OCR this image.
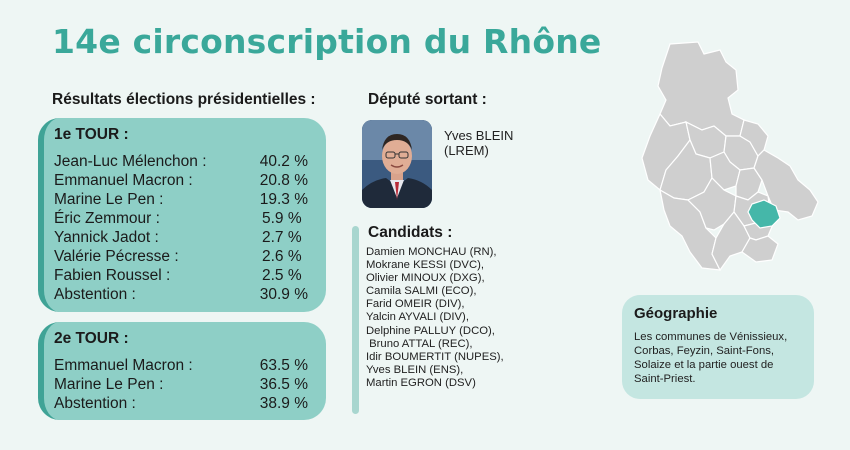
14e circonscription du Rhône
Résultats élections présidentielles :
1e TOUR :
Jean-Luc Mélenchon :	40.2 %
Emmanuel Macron :	20.8 %
Marine Le Pen :	19.3 %
Éric Zemmour :	5.9 %
Yannick Jadot :	2.7 %
Valérie Pécresse :	2.6 %
Fabien Roussel :	2.5 %
Abstention :	30.9 %
2e TOUR :
Emmanuel Macron :	63.5 %
Marine Le Pen :	36.5 %
Abstention :	38.9 %
Député sortant :
Yves BLEIN
(LREM)
Candidats :
Damien MONCHAU (RN),
Mokrane KESSI (DVC),
Olivier MINOUX (DXG),
Camila SALMI (ECO),
Farid OMEIR (DIV),
Yalcin AYVALI (DIV),
Delphine PALLUY (DCO),
Bruno ATTAL (REC),
Idir BOUMERTIT (NUPES),
Yves BLEIN (ENS),
Martin EGRON (DSV)
Géographie
Les communes de Vénissieux, Corbas, Feyzin, Saint-Fons, Solaize et la partie ouest de Saint-Priest.
